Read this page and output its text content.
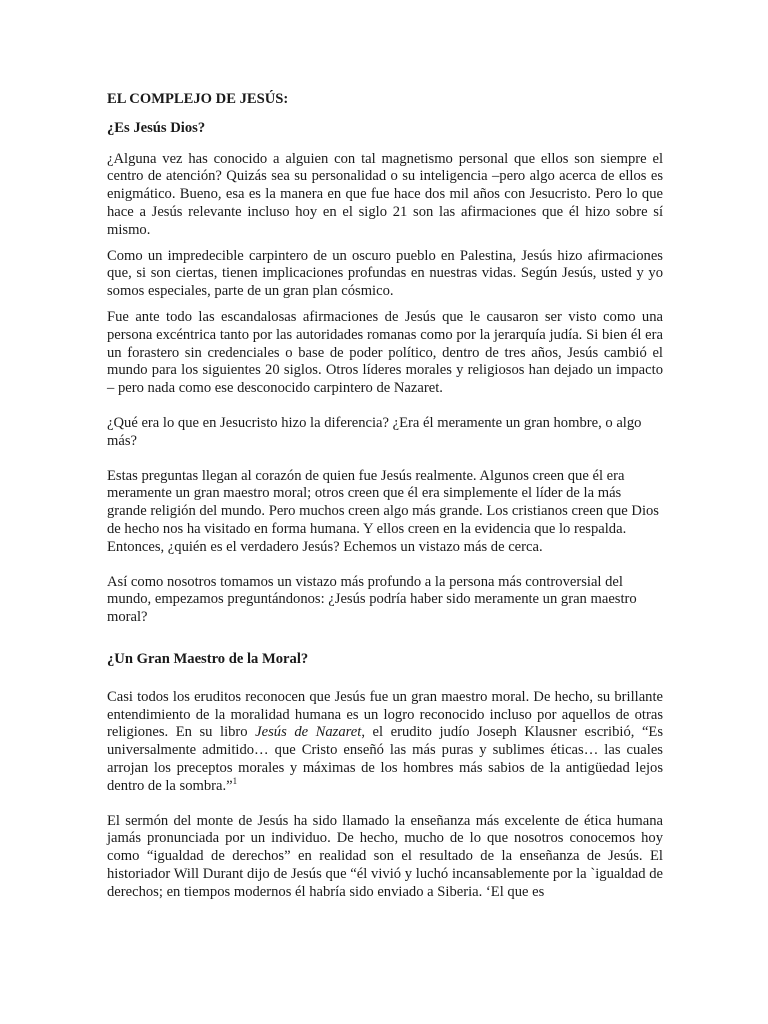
EL COMPLEJO DE JESÚS:
¿Es Jesús Dios?

¿Alguna vez has conocido a alguien con tal magnetismo personal que ellos son siempre el centro de atención? Quizás sea su personalidad o su inteligencia –pero algo acerca de ellos es enigmático. Bueno, esa es la manera en que fue hace dos mil años con Jesucristo. Pero lo que hace a Jesús relevante incluso hoy en el siglo 21 son las afirmaciones que él hizo sobre sí mismo.

Como un impredecible carpintero de un oscuro pueblo en Palestina, Jesús hizo afirmaciones que, si son ciertas, tienen implicaciones profundas en nuestras vidas. Según Jesús, usted y yo somos especiales, parte de un gran plan cósmico.

Fue ante todo las escandalosas afirmaciones de Jesús que le causaron ser visto como una persona excéntrica tanto por las autoridades romanas como por la jerarquía judía. Si bien él era un forastero sin credenciales o base de poder político, dentro de tres años, Jesús cambió el mundo para los siguientes 20 siglos. Otros líderes morales y religiosos han dejado un impacto – pero nada como ese desconocido carpintero de Nazaret.

¿Qué era lo que en Jesucristo hizo la diferencia? ¿Era él meramente un gran hombre, o algo más?

Estas preguntas llegan al corazón de quien fue Jesús realmente. Algunos creen que él era meramente un gran maestro moral; otros creen que él era simplemente el líder de la más grande religión del mundo. Pero muchos creen algo más grande. Los cristianos creen que Dios de hecho nos ha visitado en forma humana. Y ellos creen en la evidencia que lo respalda. Entonces, ¿quién es el verdadero Jesús? Echemos un vistazo más de cerca.

Así como nosotros tomamos un vistazo más profundo a la persona más controversial del mundo, empezamos preguntándonos: ¿Jesús podría haber sido meramente un gran maestro moral?

¿Un Gran Maestro de la Moral?

Casi todos los eruditos reconocen que Jesús fue un gran maestro moral. De hecho, su brillante entendimiento de la moralidad humana es un logro reconocido incluso por aquellos de otras religiones. En su libro Jesús de Nazaret, el erudito judío Joseph Klausner escribió, “Es universalmente admitido… que Cristo enseñó las más puras y sublimes éticas… las cuales arrojan los preceptos morales y máximas de los hombres más sabios de la antigüedad lejos dentro de la sombra.”$^1$

El sermón del monte de Jesús ha sido llamado la enseñanza más excelente de ética humana jamás pronunciada por un individuo. De hecho, mucho de lo que nosotros conocemos hoy como “igualdad de derechos” en realidad son el resultado de la enseñanza de Jesús. El historiador Will Durant dijo de Jesús que “él vivió y luchó incansablemente por la `igualdad de derechos; en tiempos modernos él habría sido enviado a Siberia. ‘El que es
